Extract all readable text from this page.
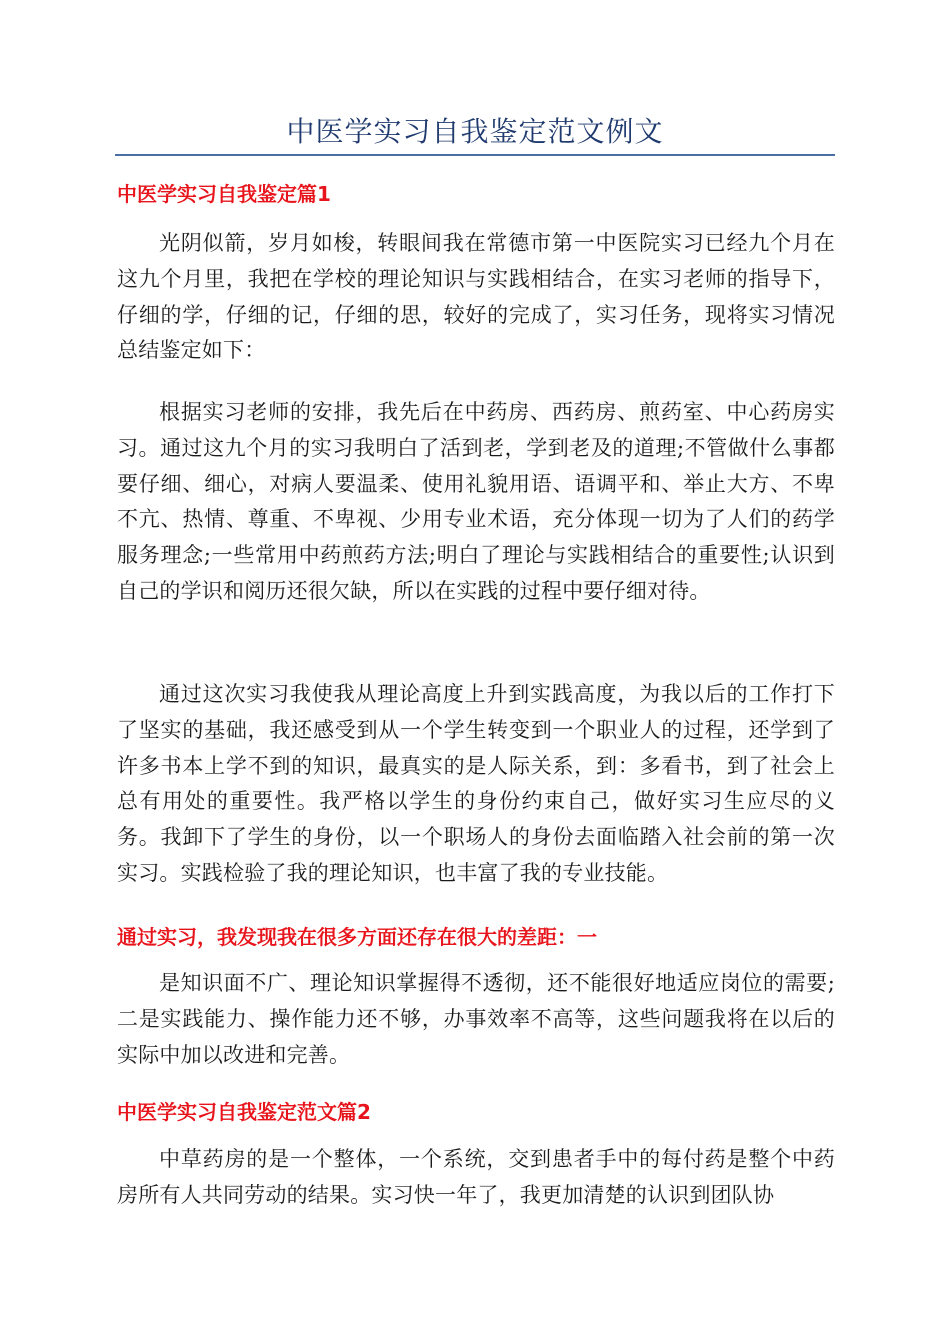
中医学实习自我鉴定范文例文
中医学实习自我鉴定篇1

光阴似箭，岁月如梭，转眼间我在常德市第一中医院实习已经九个月在这九个月里，我把在学校的理论知识与实践相结合，在实习老师的指导下，仔细的学，仔细的记，仔细的思，较好的完成了，实习任务，现将实习情况总结鉴定如下：

根据实习老师的安排，我先后在中药房、西药房、煎药室、中心药房实习。通过这九个月的实习我明白了活到老，学到老及的道理;不管做什么事都要仔细、细心，对病人要温柔、使用礼貌用语、语调平和、举止大方、不卑不亢、热情、尊重、不卑视、少用专业术语，充分体现一切为了人们的药学服务理念;一些常用中药煎药方法;明白了理论与实践相结合的重要性;认识到自己的学识和阅历还很欠缺，所以在实践的过程中要仔细对待。

通过这次实习我使我从理论高度上升到实践高度，为我以后的工作打下了坚实的基础，我还感受到从一个学生转变到一个职业人的过程，还学到了许多书本上学不到的知识，最真实的是人际关系，到：多看书，到了社会上总有用处的重要性。我严格以学生的身份约束自己，做好实习生应尽的义务。我卸下了学生的身份，以一个职场人的身份去面临踏入社会前的第一次实习。实践检验了我的理论知识，也丰富了我的专业技能。

通过实习，我发现我在很多方面还存在很大的差距：一

是知识面不广、理论知识掌握得不透彻，还不能很好地适应岗位的需要;二是实践能力、操作能力还不够，办事效率不高等，这些问题我将在以后的实际中加以改进和完善。

中医学实习自我鉴定范文篇2

中草药房的是一个整体，一个系统，交到患者手中的每付药是整个中药房所有人共同劳动的结果。实习快一年了，我更加清楚的认识到团队协
